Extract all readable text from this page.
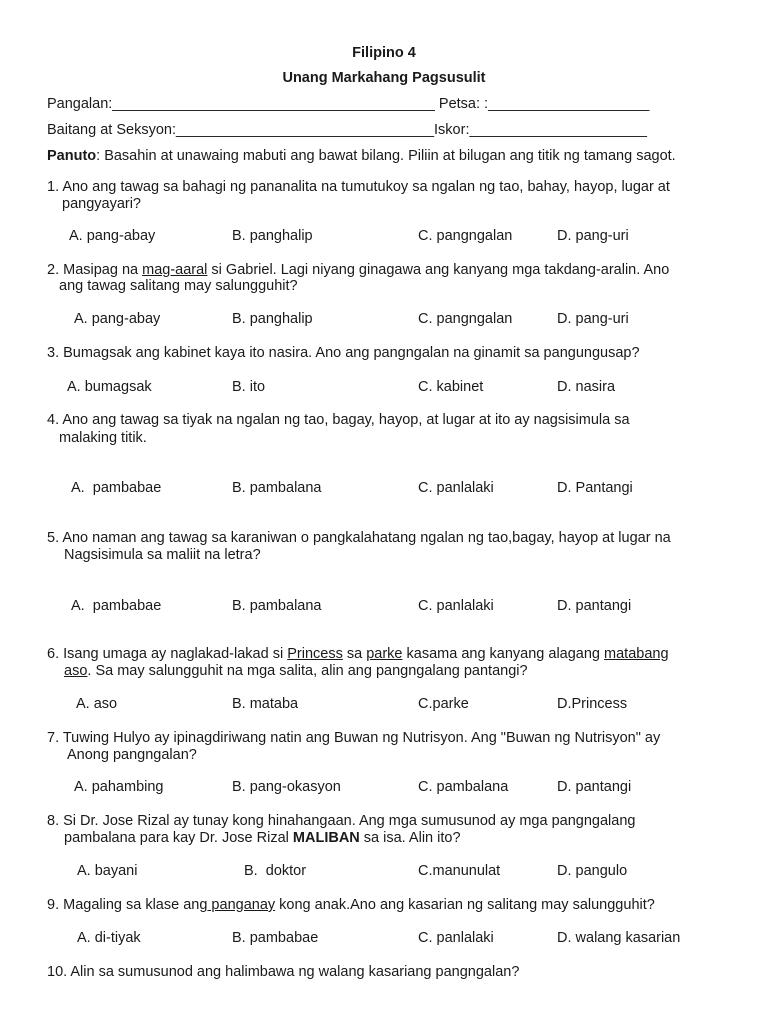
Filipino 4
Unang Markahang Pagsusulit
Pangalan:________________________________________ Petsa: :____________________
Baitang at Seksyon:________________________________Iskor:______________________
Panuto: Basahin at unawaing mabuti ang bawat bilang. Piliin at bilugan ang titik ng tamang sagot.
1. Ano ang tawag sa bahagi ng pananalita na tumutukoy sa ngalan ng tao, bahay, hayop, lugar at
pangyayari?
A. pang-abay	B. panghalip	C. pangngalan	D. pang-uri
2. Masipag na mag-aaral si Gabriel. Lagi niyang ginagawa ang kanyang mga takdang-aralin. Ano
ang tawag salitang may salungguhit?
A. pang-abay	B. panghalip	C. pangngalan	D. pang-uri
3. Bumagsak ang kabinet kaya ito nasira. Ano ang pangngalan na ginamit sa pangungusap?
A. bumagsak	B. ito	C. kabinet	D. nasira
4. Ano ang tawag sa tiyak na ngalan ng tao, bagay, hayop, at lugar at ito ay nagsisimula sa
malaking titik.
A.  pambabae	B. pambalana	C. panlalaki	D. Pantangi
5. Ano naman ang tawag sa karaniwan o pangkalahatang ngalan ng tao,bagay, hayop at lugar na
Nagsisimula sa maliit na letra?
A.  pambabae	B. pambalana	C. panlalaki	D. pantangi
6. Isang umaga ay naglakad-lakad si Princess sa parke kasama ang kanyang alagang matabang
aso. Sa may salungguhit na mga salita, alin ang pangngalang pantangi?
A. aso	B. mataba	C.parke	D.Princess
7. Tuwing Hulyo ay ipinagdiriwang natin ang Buwan ng Nutrisyon. Ang "Buwan ng Nutrisyon" ay
Anong pangngalan?
A. pahambing	B. pang-okasyon	C. pambalana	D. pantangi
8. Si Dr. Jose Rizal ay tunay kong hinahangaan. Ang mga sumusunod ay mga pangngalang
pambalana para kay Dr. Jose Rizal MALIBAN sa isa. Alin ito?
A. bayani	B.  doktor	C.manunulat	D. pangulo
9. Magaling sa klase ang panganay kong anak.Ano ang kasarian ng salitang may salungguhit?
A. di-tiyak	B. pambabae	C. panlalaki	D. walang kasarian
10. Alin sa sumusunod ang halimbawa ng walang kasariang pangngalan?
